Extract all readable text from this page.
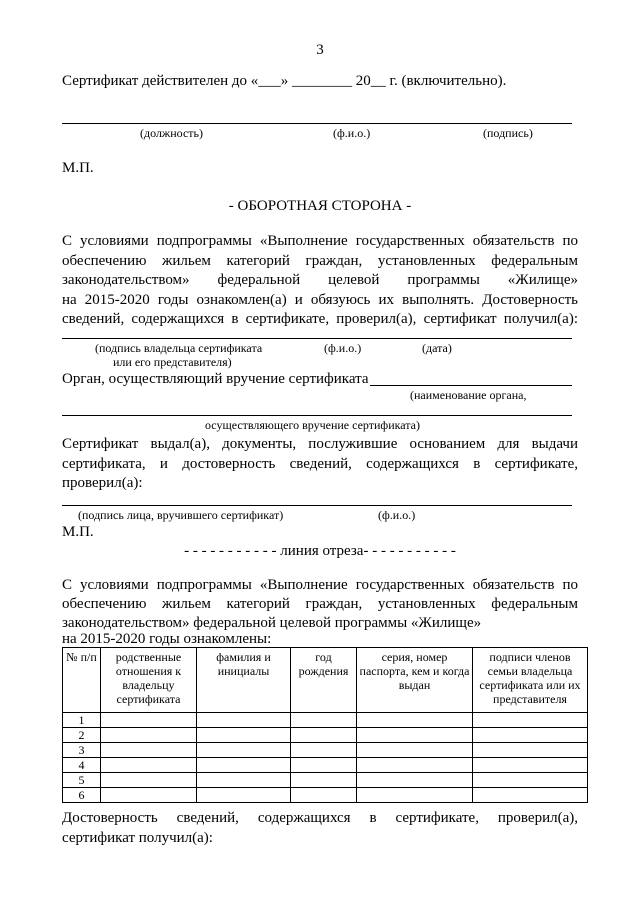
3
Сертификат действителен до «___» ________ 20__ г. (включительно).
(должность)	(ф.и.о.)	(подпись)
М.П.
- ОБОРОТНАЯ СТОРОНА -
С условиями подпрограммы «Выполнение государственных обязательств по
обеспечению жильем категорий граждан, установленных федеральным
законодательством» федеральной целевой программы «Жилище»
на 2015-2020 годы ознакомлен(а) и обязуюсь их выполнять. Достоверность
сведений, содержащихся в сертификате, проверил(а), сертификат получил(а):
(подпись владельца сертификата
или его представителя)
(ф.и.о.)	(дата)
Орган, осуществляющий вручение сертификата
(наименование органа,
осуществляющего вручение сертификата)
Сертификат выдал(а), документы, послужившие основанием для выдачи
сертификата, и достоверность сведений, содержащихся в сертификате,
проверил(а):
(подпись лица, вручившего сертификат)	(ф.и.о.)
М.П.
- - - - - - - - - - - линия отреза- - - - - - - - - - -
С условиями подпрограммы «Выполнение государственных обязательств по
обеспечению жильем категорий граждан, установленных федеральным
законодательством» федеральной целевой программы «Жилище»
на 2015-2020 годы ознакомлены:
№ п/п	родственные отношения к владельцу сертификата	фамилия и инициалы	год рождения	серия, номер паспорта, кем и когда выдан	подписи членов семьи владельца сертификата или их представителя
1					
2					
3					
4					
5					
6					
Достоверность сведений, содержащихся в сертификате, проверил(а),
сертификат получил(а):
